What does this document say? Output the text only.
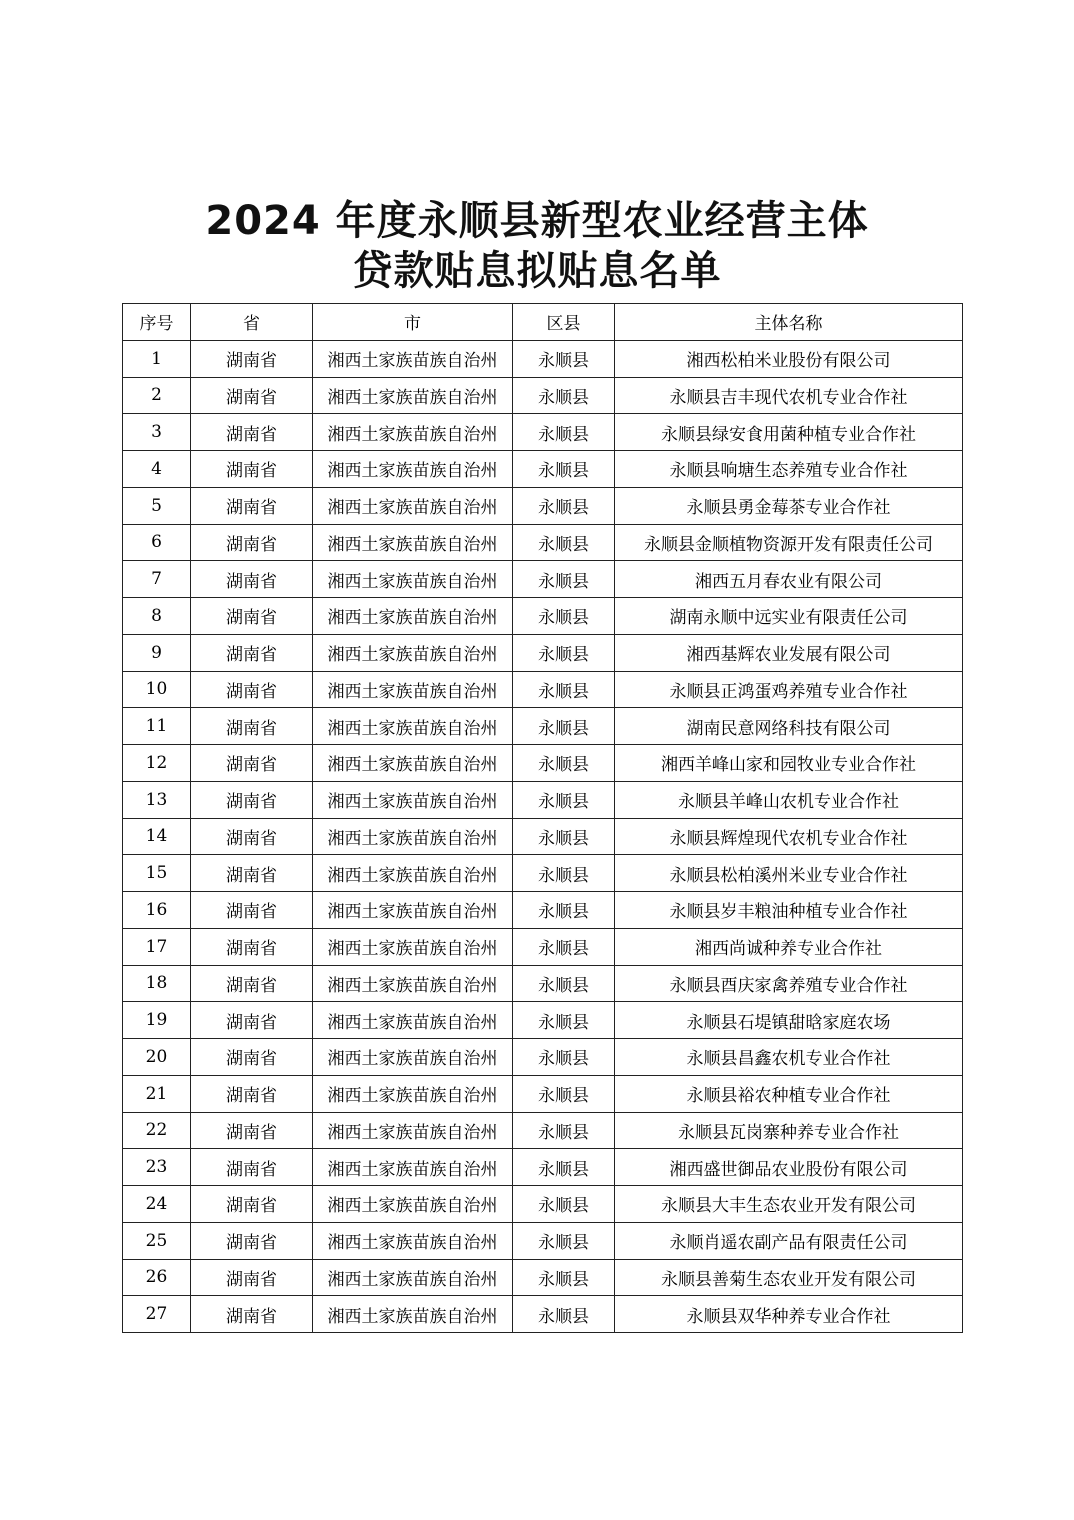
2024 年度永顺县新型农业经营主体
贷款贴息拟贴息名单
序号	省	市	区县	主体名称
1	湖南省	湘西土家族苗族自治州	永顺县	湘西松柏米业股份有限公司
2	湖南省	湘西土家族苗族自治州	永顺县	永顺县吉丰现代农机专业合作社
3	湖南省	湘西土家族苗族自治州	永顺县	永顺县绿安食用菌种植专业合作社
4	湖南省	湘西土家族苗族自治州	永顺县	永顺县响塘生态养殖专业合作社
5	湖南省	湘西土家族苗族自治州	永顺县	永顺县勇金莓茶专业合作社
6	湖南省	湘西土家族苗族自治州	永顺县	永顺县金顺植物资源开发有限责任公司
7	湖南省	湘西土家族苗族自治州	永顺县	湘西五月春农业有限公司
8	湖南省	湘西土家族苗族自治州	永顺县	湖南永顺中远实业有限责任公司
9	湖南省	湘西土家族苗族自治州	永顺县	湘西基辉农业发展有限公司
10	湖南省	湘西土家族苗族自治州	永顺县	永顺县正鸿蛋鸡养殖专业合作社
11	湖南省	湘西土家族苗族自治州	永顺县	湖南民意网络科技有限公司
12	湖南省	湘西土家族苗族自治州	永顺县	湘西羊峰山家和园牧业专业合作社
13	湖南省	湘西土家族苗族自治州	永顺县	永顺县羊峰山农机专业合作社
14	湖南省	湘西土家族苗族自治州	永顺县	永顺县辉煌现代农机专业合作社
15	湖南省	湘西土家族苗族自治州	永顺县	永顺县松柏溪州米业专业合作社
16	湖南省	湘西土家族苗族自治州	永顺县	永顺县岁丰粮油种植专业合作社
17	湖南省	湘西土家族苗族自治州	永顺县	湘西尚诚种养专业合作社
18	湖南省	湘西土家族苗族自治州	永顺县	永顺县酉庆家禽养殖专业合作社
19	湖南省	湘西土家族苗族自治州	永顺县	永顺县石堤镇甜晗家庭农场
20	湖南省	湘西土家族苗族自治州	永顺县	永顺县昌鑫农机专业合作社
21	湖南省	湘西土家族苗族自治州	永顺县	永顺县裕农种植专业合作社
22	湖南省	湘西土家族苗族自治州	永顺县	永顺县瓦岗寨种养专业合作社
23	湖南省	湘西土家族苗族自治州	永顺县	湘西盛世御品农业股份有限公司
24	湖南省	湘西土家族苗族自治州	永顺县	永顺县大丰生态农业开发有限公司
25	湖南省	湘西土家族苗族自治州	永顺县	永顺肖遥农副产品有限责任公司
26	湖南省	湘西土家族苗族自治州	永顺县	永顺县善菊生态农业开发有限公司
27	湖南省	湘西土家族苗族自治州	永顺县	永顺县双华种养专业合作社
